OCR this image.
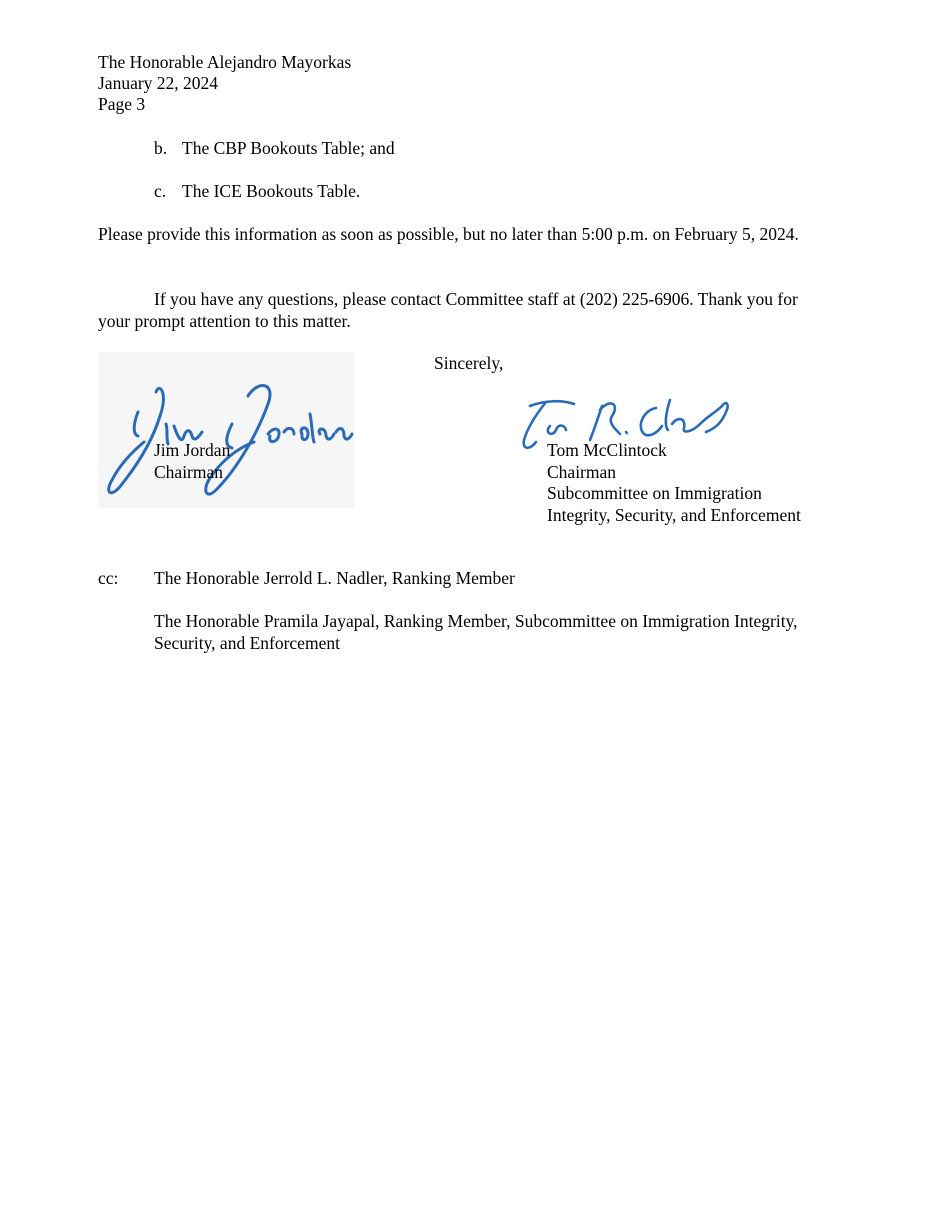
The Honorable Alejandro Mayorkas
January 22, 2024
Page 3
b. The CBP Bookouts Table; and
c. The ICE Bookouts Table.
Please provide this information as soon as possible, but no later than 5:00 p.m. on February 5, 2024.
If you have any questions, please contact Committee staff at (202) 225-6906. Thank you for your prompt attention to this matter.
Sincerely,
Jim Jordan
Chairman
Tom McClintock
Chairman
Subcommittee on Immigration
Integrity, Security, and Enforcement
cc: The Honorable Jerrold L. Nadler, Ranking Member
The Honorable Pramila Jayapal, Ranking Member, Subcommittee on Immigration Integrity, Security, and Enforcement
